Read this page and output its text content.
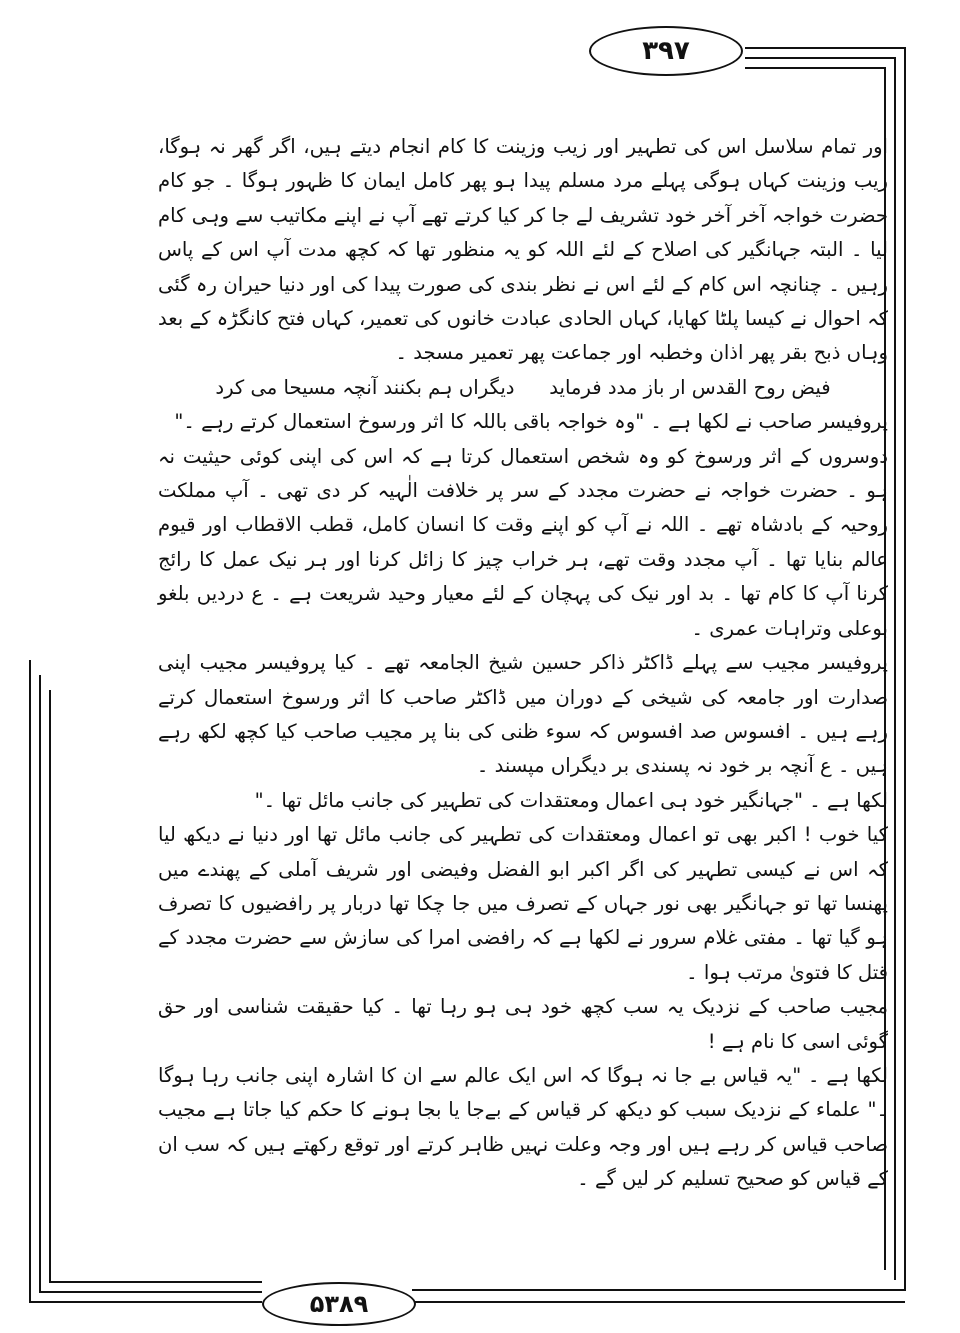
۳۹۷

اور تمام سلاسل اس کی تطہیر اور زیب وزینت کا کام انجام دیتے ہیں، اگر گھر نہ ہوگا، زیب وزینت کہاں ہوگی پہلے مرد مسلم پیدا ہو پھر کامل ایمان کا ظہور ہوگا ۔ جو کام حضرت خواجہ آخر آخر خود تشریف لے جا کر کیا کرتے تھے آپ نے اپنے مکاتیب سے وہی کام لیا ۔ البتہ جہانگیر کی اصلاح کے لئے اللہ کو یہ منظور تھا کہ کچھ مدت آپ اس کے پاس رہیں ۔ چنانچہ اس کام کے لئے اس نے نظر بندی کی صورت پیدا کی اور دنیا حیران رہ گئی کہ احوال نے کیسا پلٹا کھایا، کہاں الحادی عبادت خانوں کی تعمیر، کہاں فتح کانگڑہ کے بعد وہاں ذبح بقر پھر اذان وخطبہ اور جماعت پھر تعمیر مسجد ۔

فیض روح القدس ار باز مدد فرماید
دیگراں ہم بکنند آنچہ مسیحا می کرد

پروفیسر صاحب نے لکھا ہے ۔ "وہ خواجہ باقی باللہ کا اثر ورسوخ استعمال کرتے رہے ۔"

دوسروں کے اثر ورسوخ کو وہ شخص استعمال کرتا ہے کہ اس کی اپنی کوئی حیثیت نہ ہو ۔ حضرت خواجہ نے حضرت مجدد کے سر پر خلافت الٰہیہ کر دی تھی ۔ آپ مملکت روحیہ کے بادشاہ تھے ۔ اللہ نے آپ کو اپنے وقت کا انسان کامل، قطب الاقطاب اور قیوم عالم بنایا تھا ۔ آپ مجدد وقت تھے، ہر خراب چیز کا زائل کرنا اور ہر نیک عمل کا رائج کرنا آپ کا کام تھا ۔ بد اور نیک کی پہچان کے لئے معیار وحید شریعت ہے ۔ ع دردیں بلغو بوعلی وتراہات عمری ۔

پروفیسر مجیب سے پہلے ڈاکٹر ذاکر حسین شیخ الجامعہ تھے ۔ کیا پروفیسر مجیب اپنی صدارت اور جامعہ کی شیخی کے دوران میں ڈاکٹر صاحب کا اثر ورسوخ استعمال کرتے رہے ہیں ۔ افسوس صد افسوس کہ سوء ظنی کی بنا پر مجیب صاحب کیا کچھ لکھ رہے ہیں ۔ ع آنچہ بر خود نہ پسندی بر دیگراں مپسند ۔

لکھا ہے ۔ "جہانگیر خود ہی اعمال ومعتقدات کی تطہیر کی جانب مائل تھا ۔"

کیا خوب ! اکبر بھی تو اعمال ومعتقدات کی تطہیر کی جانب مائل تھا اور دنیا نے دیکھ لیا کہ اس نے کیسی تطہیر کی اگر اکبر ابو الفضل وفیضی اور شریف آملی کے پھندے میں پھنسا تھا تو جہانگیر بھی نور جہاں کے تصرف میں جا چکا تھا دربار پر رافضیوں کا تصرف ہو گیا تھا ۔ مفتی غلام سرور نے لکھا ہے کہ رافضی امرا کی سازش سے حضرت مجدد کے قتل کا فتویٰ مرتب ہوا ۔

مجیب صاحب کے نزدیک یہ سب کچھ خود ہی ہو رہا تھا ۔ کیا حقیقت شناسی اور حق گوئی اسی کا نام ہے !

لکھا ہے ۔ "یہ قیاس بے جا نہ ہوگا کہ اس ایک عالم سے ان کا اشارہ اپنی جانب رہا ہوگا ۔" علماء کے نزدیک سبب کو دیکھ کر قیاس کے بےجا یا بجا ہونے کا حکم کیا جاتا ہے مجیب صاحب قیاس کر رہے ہیں اور وجہ وعلت نہیں ظاہر کرتے اور توقع رکھتے ہیں کہ سب ان کے قیاس کو صحیح تسلیم کر لیں گے ۔

۵۳۸۹
